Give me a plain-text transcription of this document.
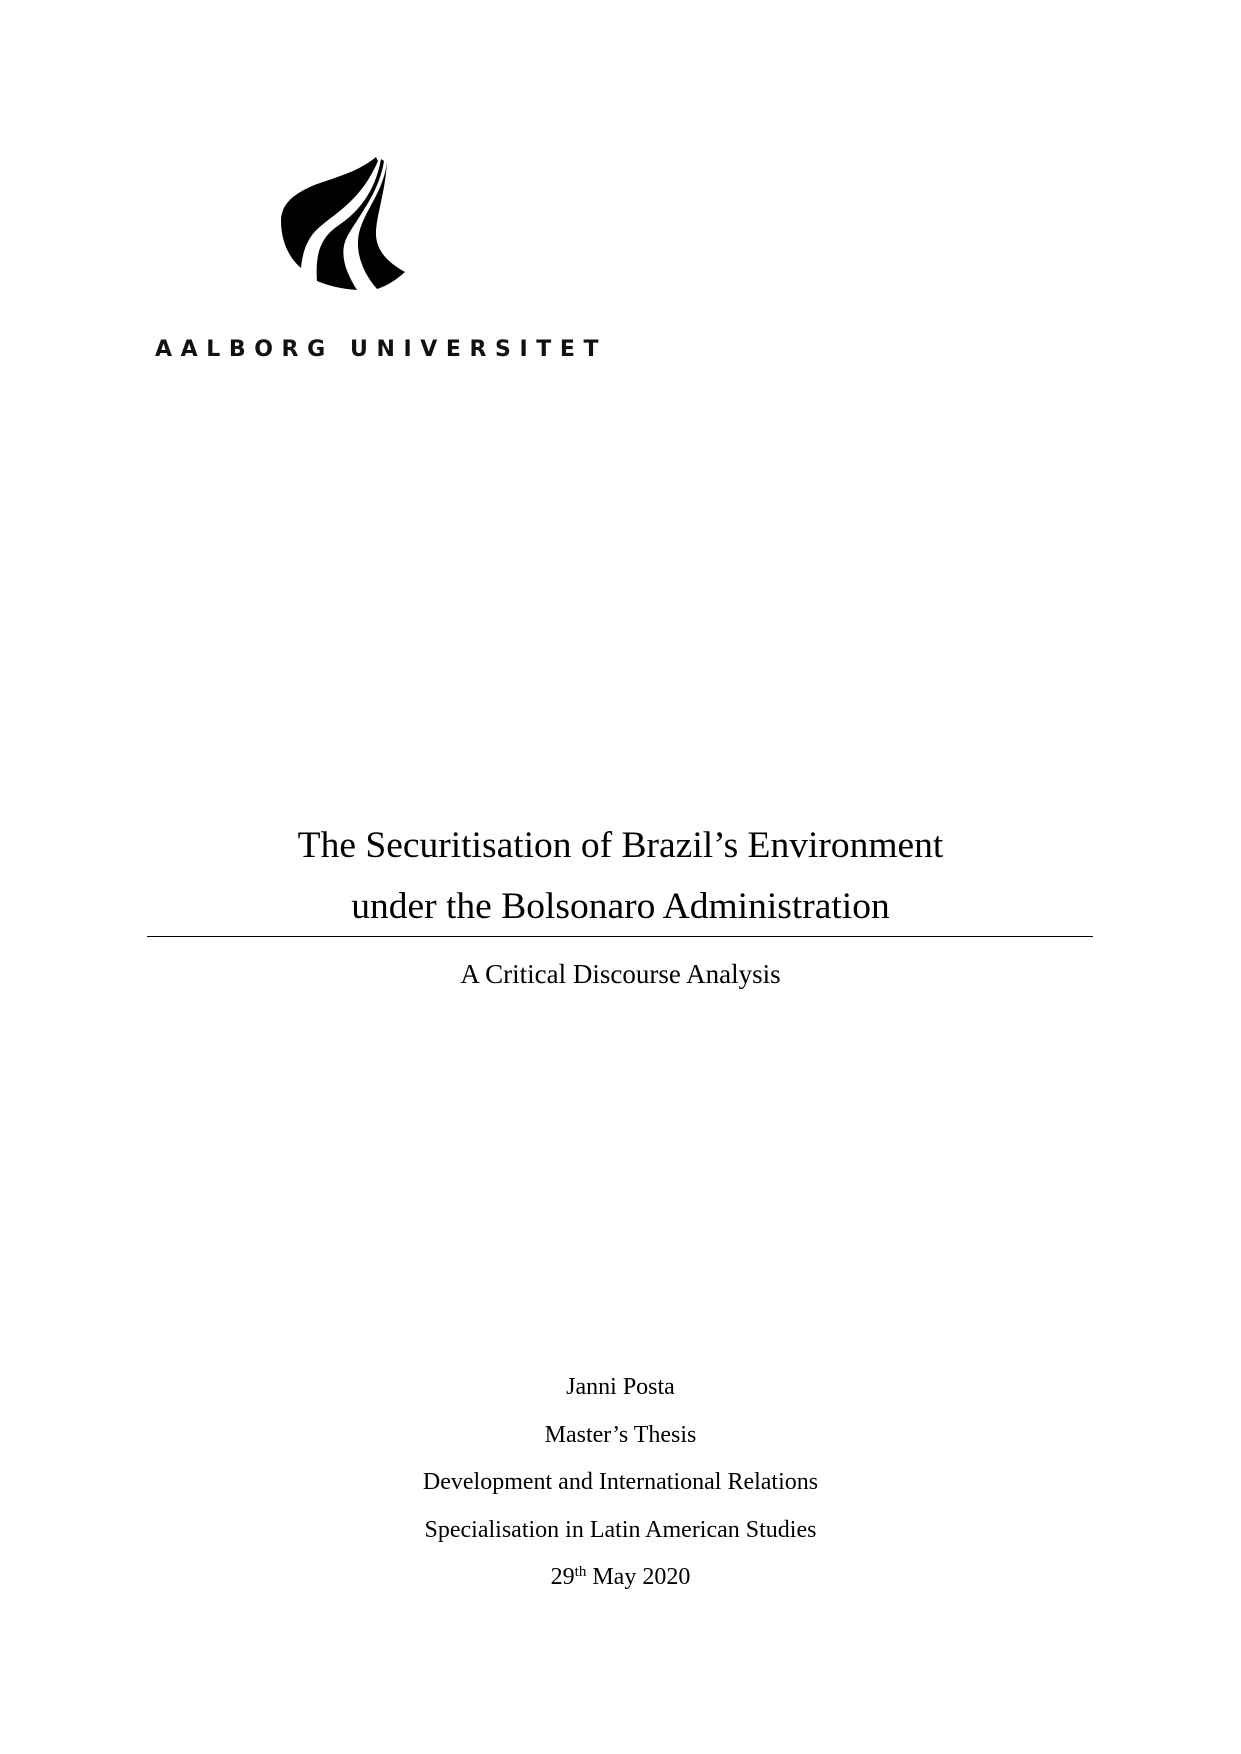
AALBORG UNIVERSITET
The Securitisation of Brazil’s Environment
under the Bolsonaro Administration
A Critical Discourse Analysis
Janni Posta
Master’s Thesis
Development and International Relations
Specialisation in Latin American Studies
29th May 2020
